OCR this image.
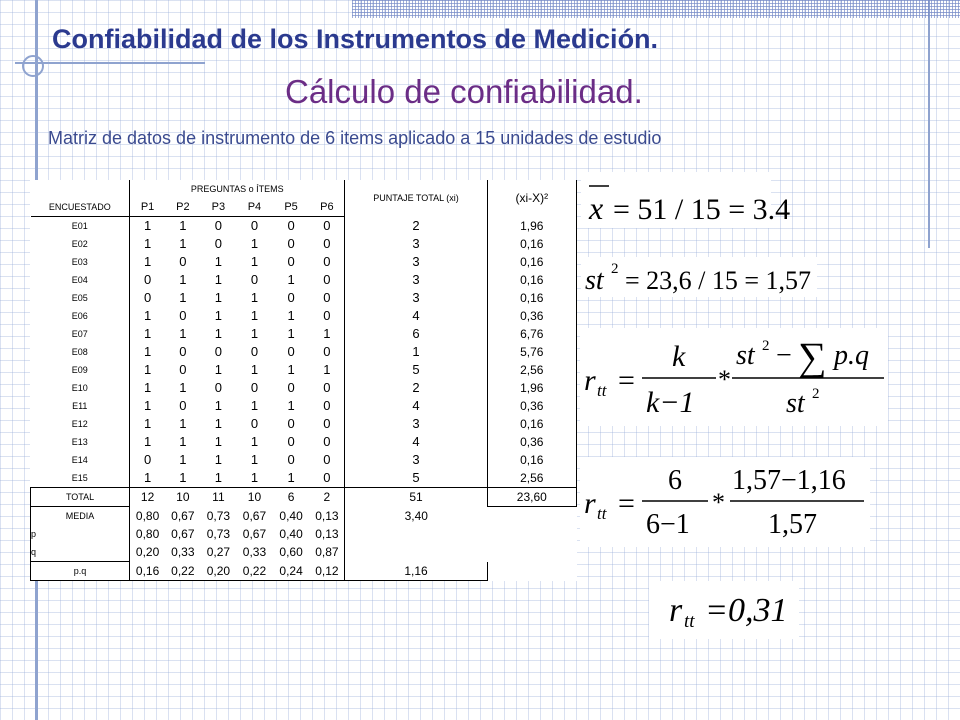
Confiabilidad de los Instrumentos de Medición.
Cálculo de confiabilidad.
Matriz de datos de instrumento de 6 items aplicado a 15 unidades de estudio
	PREGUNTAS o ÍTEMS						PUNTAJE TOTAL (xi)	(xi-X)²
ENCUESTADO	P1	P2	P3	P4	P5	P6		
E01	1	1	0	0	0	0	2	1,96
E02	1	1	0	1	0	0	3	0,16
E03	1	0	1	1	0	0	3	0,16
E04	0	1	1	0	1	0	3	0,16
E05	0	1	1	1	0	0	3	0,16
E06	1	0	1	1	1	0	4	0,36
E07	1	1	1	1	1	1	6	6,76
E08	1	0	0	0	0	0	1	5,76
E09	1	0	1	1	1	1	5	2,56
E10	1	1	0	0	0	0	2	1,96
E11	1	0	1	1	1	0	4	0,36
E12	1	1	1	0	0	0	3	0,16
E13	1	1	1	1	0	0	4	0,36
E14	0	1	1	1	0	0	3	0,16
E15	1	1	1	1	1	0	5	2,56
TOTAL	12	10	11	10	6	2	51	23,60
MEDIA	0,80	0,67	0,73	0,67	0,40	0,13	3,40	
p	0,80	0,67	0,73	0,67	0,40	0,13		
q	0,20	0,33	0,27	0,33	0,60	0,87		
p.q	0,16	0,22	0,20	0,22	0,24	0,12	1,16	
x = 51 / 15 = 3.4
st 2 = 23,6 / 15 = 1,57
r tt =
k
k−1
*
st 2 − ∑ p.q
st 2
r tt =
6
6−1
*
1,57−1,16
1,57
r tt =0,31
